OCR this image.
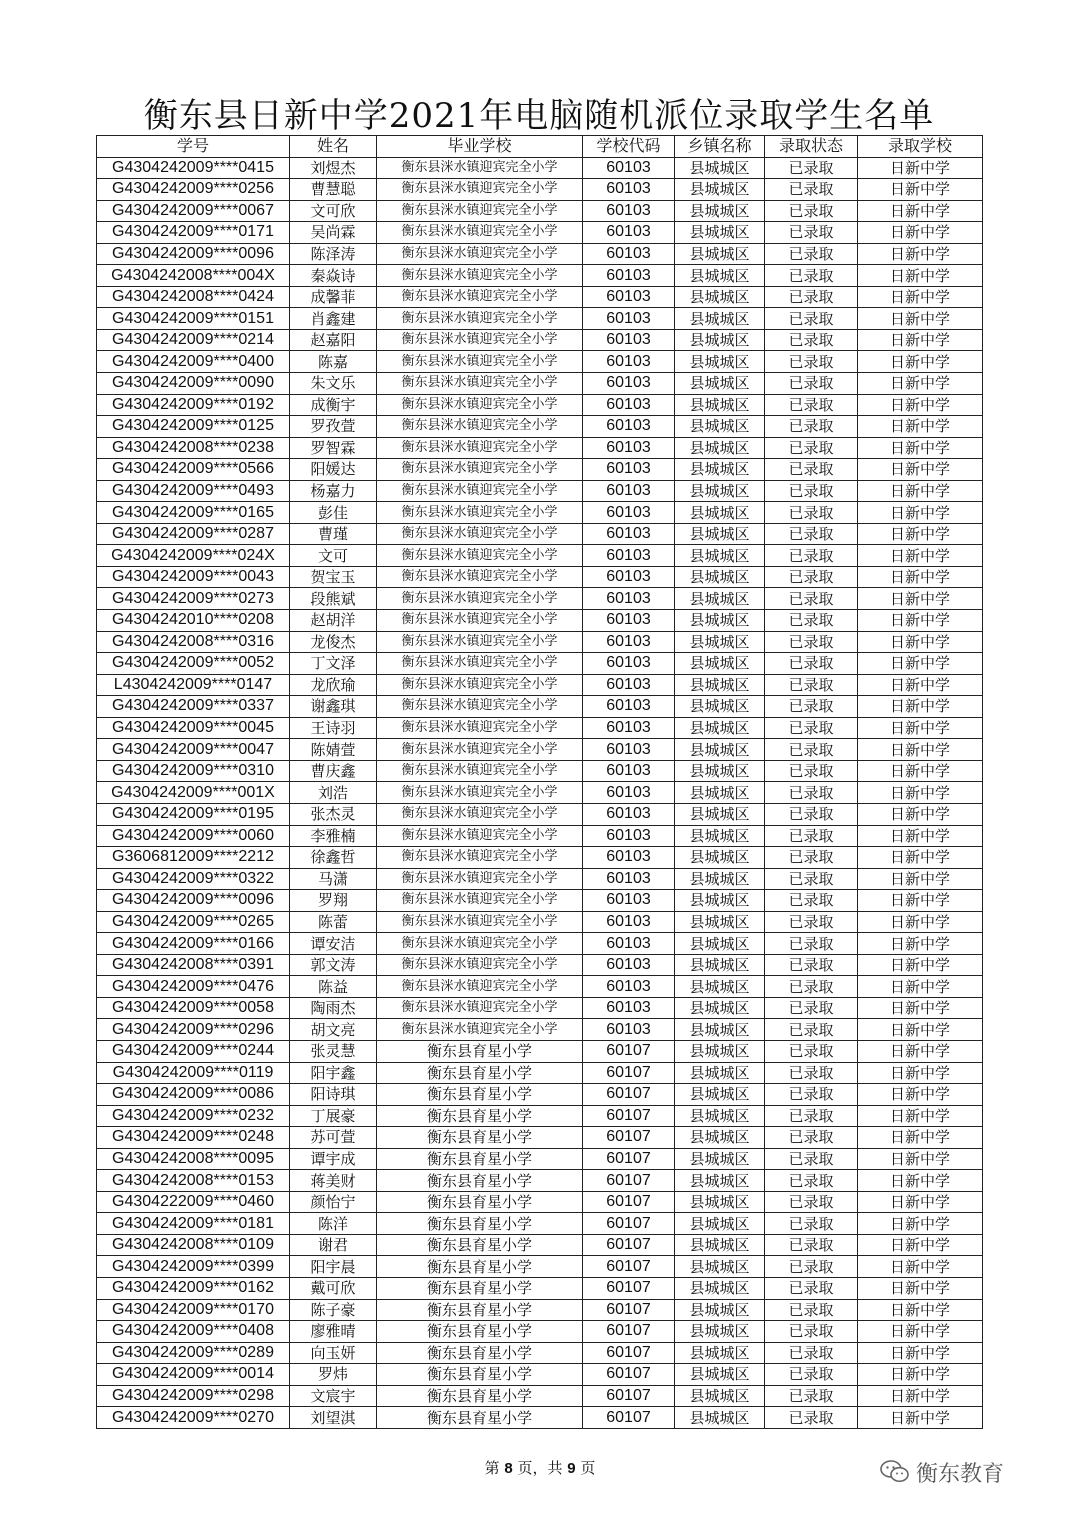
衡东县日新中学2021年电脑随机派位录取学生名单
学号	姓名	毕业学校	学校代码	乡镇名称	录取状态	录取学校
G4304242009****0415	刘煜杰	衡东县洣水镇迎宾完全小学	60103	县城城区	已录取	日新中学
G4304242009****0256	曹慧聪	衡东县洣水镇迎宾完全小学	60103	县城城区	已录取	日新中学
G4304242009****0067	文可欣	衡东县洣水镇迎宾完全小学	60103	县城城区	已录取	日新中学
G4304242009****0171	吴尚霖	衡东县洣水镇迎宾完全小学	60103	县城城区	已录取	日新中学
G4304242009****0096	陈泽涛	衡东县洣水镇迎宾完全小学	60103	县城城区	已录取	日新中学
G4304242008****004X	秦焱诗	衡东县洣水镇迎宾完全小学	60103	县城城区	已录取	日新中学
G4304242008****0424	成馨菲	衡东县洣水镇迎宾完全小学	60103	县城城区	已录取	日新中学
G4304242009****0151	肖鑫建	衡东县洣水镇迎宾完全小学	60103	县城城区	已录取	日新中学
G4304242009****0214	赵嘉阳	衡东县洣水镇迎宾完全小学	60103	县城城区	已录取	日新中学
G4304242009****0400	陈嘉	衡东县洣水镇迎宾完全小学	60103	县城城区	已录取	日新中学
G4304242009****0090	朱文乐	衡东县洣水镇迎宾完全小学	60103	县城城区	已录取	日新中学
G4304242009****0192	成衡宇	衡东县洣水镇迎宾完全小学	60103	县城城区	已录取	日新中学
G4304242009****0125	罗孜萱	衡东县洣水镇迎宾完全小学	60103	县城城区	已录取	日新中学
G4304242008****0238	罗智霖	衡东县洣水镇迎宾完全小学	60103	县城城区	已录取	日新中学
G4304242009****0566	阳媛达	衡东县洣水镇迎宾完全小学	60103	县城城区	已录取	日新中学
G4304242009****0493	杨嘉力	衡东县洣水镇迎宾完全小学	60103	县城城区	已录取	日新中学
G4304242009****0165	彭佳	衡东县洣水镇迎宾完全小学	60103	县城城区	已录取	日新中学
G4304242009****0287	曹瑾	衡东县洣水镇迎宾完全小学	60103	县城城区	已录取	日新中学
G4304242009****024X	文可	衡东县洣水镇迎宾完全小学	60103	县城城区	已录取	日新中学
G4304242009****0043	贺宝玉	衡东县洣水镇迎宾完全小学	60103	县城城区	已录取	日新中学
G4304242009****0273	段熊斌	衡东县洣水镇迎宾完全小学	60103	县城城区	已录取	日新中学
G4304242010****0208	赵胡洋	衡东县洣水镇迎宾完全小学	60103	县城城区	已录取	日新中学
G4304242008****0316	龙俊杰	衡东县洣水镇迎宾完全小学	60103	县城城区	已录取	日新中学
G4304242009****0052	丁文泽	衡东县洣水镇迎宾完全小学	60103	县城城区	已录取	日新中学
L4304242009****0147	龙欣瑜	衡东县洣水镇迎宾完全小学	60103	县城城区	已录取	日新中学
G4304242009****0337	谢鑫琪	衡东县洣水镇迎宾完全小学	60103	县城城区	已录取	日新中学
G4304242009****0045	王诗羽	衡东县洣水镇迎宾完全小学	60103	县城城区	已录取	日新中学
G4304242009****0047	陈婧萱	衡东县洣水镇迎宾完全小学	60103	县城城区	已录取	日新中学
G4304242009****0310	曹庆鑫	衡东县洣水镇迎宾完全小学	60103	县城城区	已录取	日新中学
G4304242009****001X	刘浩	衡东县洣水镇迎宾完全小学	60103	县城城区	已录取	日新中学
G4304242009****0195	张杰灵	衡东县洣水镇迎宾完全小学	60103	县城城区	已录取	日新中学
G4304242009****0060	李雅楠	衡东县洣水镇迎宾完全小学	60103	县城城区	已录取	日新中学
G3606812009****2212	徐鑫哲	衡东县洣水镇迎宾完全小学	60103	县城城区	已录取	日新中学
G4304242009****0322	马潇	衡东县洣水镇迎宾完全小学	60103	县城城区	已录取	日新中学
G4304242009****0096	罗翔	衡东县洣水镇迎宾完全小学	60103	县城城区	已录取	日新中学
G4304242009****0265	陈蕾	衡东县洣水镇迎宾完全小学	60103	县城城区	已录取	日新中学
G4304242009****0166	谭安洁	衡东县洣水镇迎宾完全小学	60103	县城城区	已录取	日新中学
G4304242008****0391	郭文涛	衡东县洣水镇迎宾完全小学	60103	县城城区	已录取	日新中学
G4304242009****0476	陈益	衡东县洣水镇迎宾完全小学	60103	县城城区	已录取	日新中学
G4304242009****0058	陶雨杰	衡东县洣水镇迎宾完全小学	60103	县城城区	已录取	日新中学
G4304242009****0296	胡文亮	衡东县洣水镇迎宾完全小学	60103	县城城区	已录取	日新中学
G4304242009****0244	张灵慧	衡东县育星小学	60107	县城城区	已录取	日新中学
G4304242009****0119	阳宇鑫	衡东县育星小学	60107	县城城区	已录取	日新中学
G4304242009****0086	阳诗琪	衡东县育星小学	60107	县城城区	已录取	日新中学
G4304242009****0232	丁展豪	衡东县育星小学	60107	县城城区	已录取	日新中学
G4304242009****0248	苏可萱	衡东县育星小学	60107	县城城区	已录取	日新中学
G4304242008****0095	谭宇成	衡东县育星小学	60107	县城城区	已录取	日新中学
G4304242008****0153	蒋美财	衡东县育星小学	60107	县城城区	已录取	日新中学
G4304222009****0460	颜怡宁	衡东县育星小学	60107	县城城区	已录取	日新中学
G4304242009****0181	陈洋	衡东县育星小学	60107	县城城区	已录取	日新中学
G4304242008****0109	谢君	衡东县育星小学	60107	县城城区	已录取	日新中学
G4304242009****0399	阳宇晨	衡东县育星小学	60107	县城城区	已录取	日新中学
G4304242009****0162	戴可欣	衡东县育星小学	60107	县城城区	已录取	日新中学
G4304242009****0170	陈子豪	衡东县育星小学	60107	县城城区	已录取	日新中学
G4304242009****0408	廖雅晴	衡东县育星小学	60107	县城城区	已录取	日新中学
G4304242009****0289	向玉妍	衡东县育星小学	60107	县城城区	已录取	日新中学
G4304242009****0014	罗炜	衡东县育星小学	60107	县城城区	已录取	日新中学
G4304242009****0298	文宸宇	衡东县育星小学	60107	县城城区	已录取	日新中学
G4304242009****0270	刘望淇	衡东县育星小学	60107	县城城区	已录取	日新中学
第 8 页，共 9 页	衡东教育
